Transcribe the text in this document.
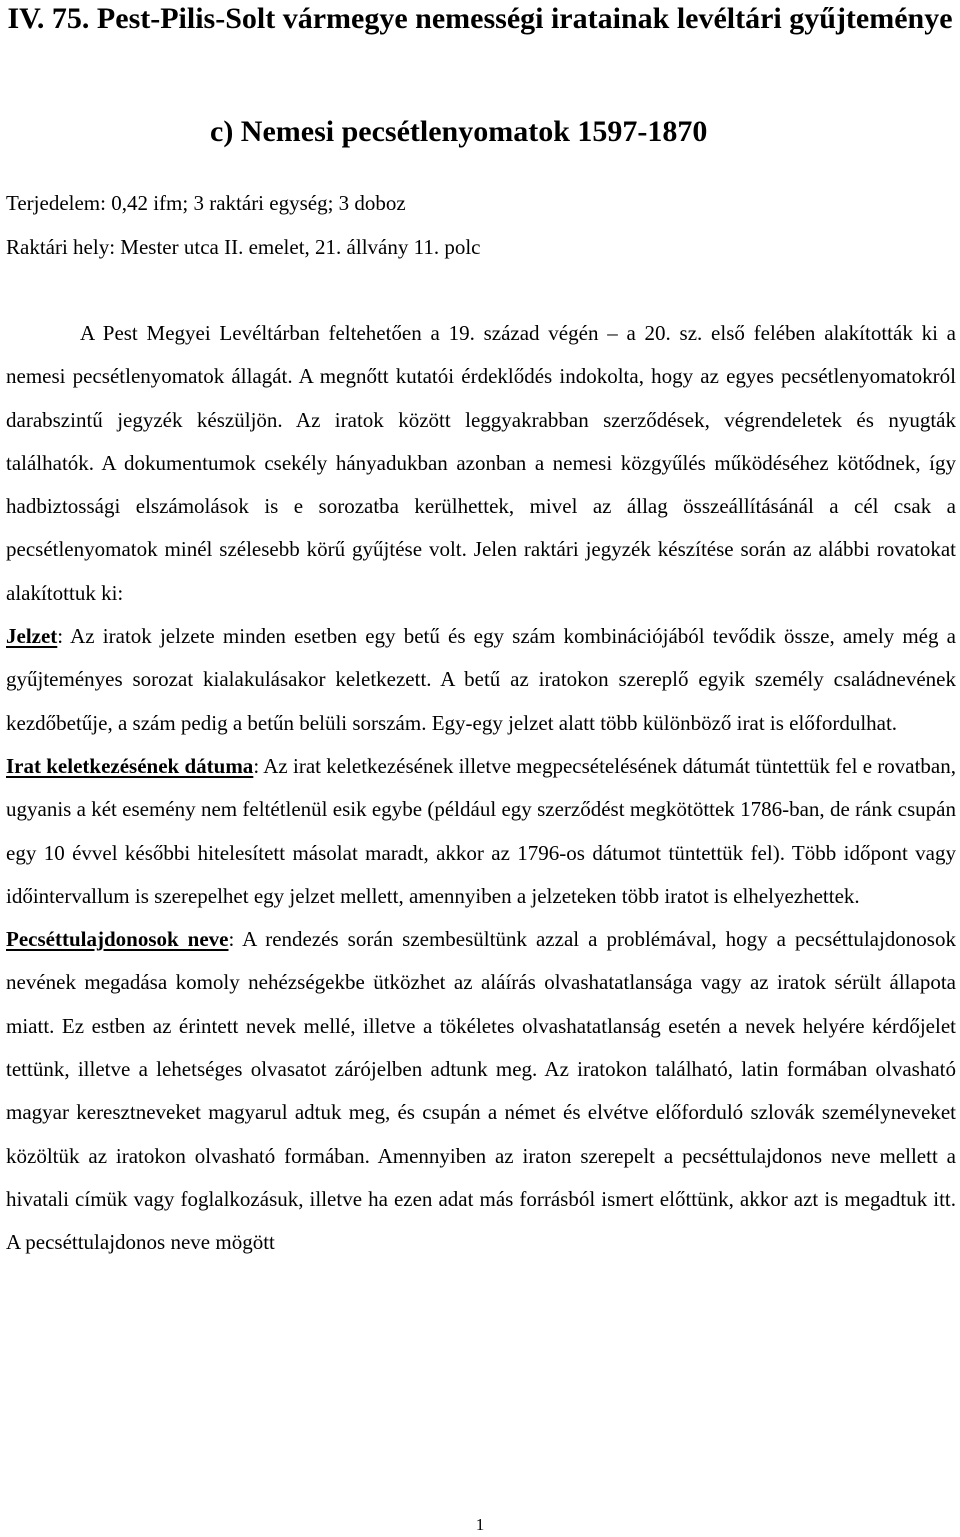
IV. 75. Pest-Pilis-Solt vármegye nemességi iratainak levéltári gyűjteménye
c) Nemesi pecsétlenyomatok 1597-1870

Terjedelem: 0,42 ifm; 3 raktári egység; 3 doboz

Raktári hely: Mester utca II. emelet, 21. állvány 11. polc

A Pest Megyei Levéltárban feltehetően a 19. század végén ‒ a 20. sz. első felében alakították ki a nemesi pecsétlenyomatok állagát. A megnőtt kutatói érdeklődés indokolta, hogy az egyes pecsétlenyomatokról darabszintű jegyzék készüljön. Az iratok között leggyakrabban szerződések, végrendeletek és nyugták találhatók. A dokumentumok csekély hányadukban azonban a nemesi közgyűlés működéséhez kötődnek, így hadbiztossági elszámolások is e sorozatba kerülhettek, mivel az állag összeállításánál a cél csak a pecsétlenyomatok minél szélesebb körű gyűjtése volt. Jelen raktári jegyzék készítése során az alábbi rovatokat alakítottuk ki:

Jelzet: Az iratok jelzete minden esetben egy betű és egy szám kombinációjából tevődik össze, amely még a gyűjteményes sorozat kialakulásakor keletkezett. A betű az iratokon szereplő egyik személy családnevének kezdőbetűje, a szám pedig a betűn belüli sorszám. Egy-egy jelzet alatt több különböző irat is előfordulhat.

Irat keletkezésének dátuma: Az irat keletkezésének illetve megpecsételésének dátumát tüntettük fel e rovatban, ugyanis a két esemény nem feltétlenül esik egybe (például egy szerződést megkötöttek 1786-ban, de ránk csupán egy 10 évvel későbbi hitelesített másolat maradt, akkor az 1796-os dátumot tüntettük fel). Több időpont vagy időintervallum is szerepelhet egy jelzet mellett, amennyiben a jelzeteken több iratot is elhelyezhettek.

Pecséttulajdonosok neve: A rendezés során szembesültünk azzal a problémával, hogy a pecséttulajdonosok nevének megadása komoly nehézségekbe ütközhet az aláírás olvashatatlansága vagy az iratok sérült állapota miatt. Ez estben az érintett nevek mellé, illetve a tökéletes olvashatatlanság esetén a nevek helyére kérdőjelet tettünk, illetve a lehetséges olvasatot zárójelben adtunk meg. Az iratokon található, latin formában olvasható magyar keresztneveket magyarul adtuk meg, és csupán a német és elvétve előforduló szlovák személyneveket közöltük az iratokon olvasható formában. Amennyiben az iraton szerepelt a pecséttulajdonos neve mellett a hivatali címük vagy foglalkozásuk, illetve ha ezen adat más forrásból ismert előttünk, akkor azt is megadtuk itt. A pecséttulajdonos neve mögött

1
